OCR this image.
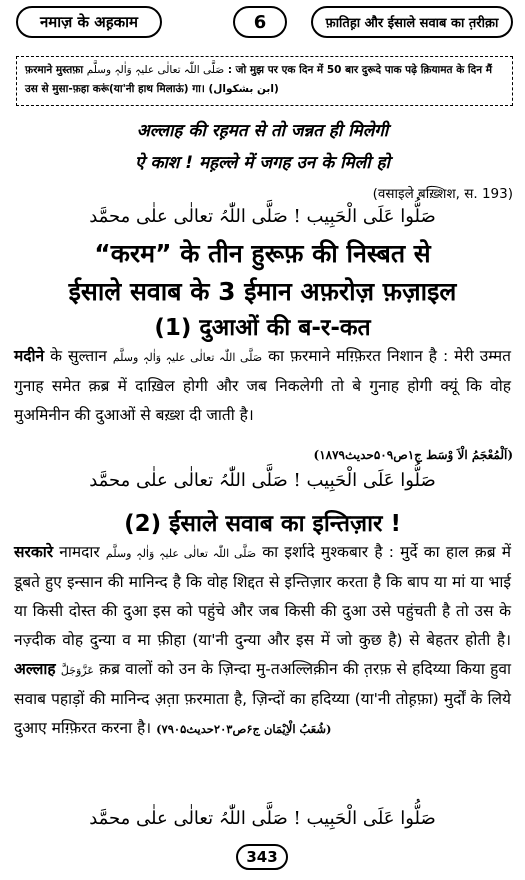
नमाज़ के अह़काम	6	फ़ातिह़ा और ईसाले सवाब का त़रीक़ा
फ़रमाने मुस्तफ़ा صَلَّی اللّٰہ تعالٰی علیہٖ وَاٰلہٖ وسلَّم : जो मुझ पर एक दिन में 50 बार दुरूदे पाक पढ़े क़ियामत के दिन मैं
उस से मुसा-फ़हा करूं(या'नी हाथ मिलाऊं) गा। (ابن بشکوال)
अल्लाह की रह़मत से तो जन्नत ही मिलेगी
ऐ काश ! मह़ल्ले में जगह उन के मिली हो
(वसाइले बख़्शिश, स. 193)
صَلُّوا عَلَی الْحَبِیب ! صَلَّی اللّٰہُ تعالٰی علٰی محمَّد
“करम” के तीन हुरूफ़ की निस्बत से
ईसाले सवाब के 3 ईमान अफ़रोज़ फ़ज़ाइल
(1) दुआओं की ब-र-कत
मदीने के सुल्तान صَلَّی اللّٰہ تعالٰی علیہٖ وَاٰلہٖ وسلَّم का फ़रमाने मग़्फ़िरत निशान है : मेरी उम्मत गुनाह समेत क़ब्र में दाख़िल होगी और जब निकलेगी तो बे गुनाह होगी क्यूं कि वोह मुअमिनीन की दुआओं से बख़्श दी जाती है।
(اَلْمُعْجَمُ الْاَ وْسَط ج۱ص۵۰۹حدیث۱۸۷۹)
صَلُّوا عَلَی الْحَبِیب ! صَلَّی اللّٰہُ تعالٰی علٰی محمَّد
(2) ईसाले सवाब का इन्तिज़ार !
सरकारे नामदार صَلَّی اللّٰہ تعالٰی علیہٖ وَاٰلہٖ وسلَّم का इर्शादे मुश्कबार है : मुर्दे का हाल क़ब्र में डूबते हुए इन्सान की मानिन्द है कि वोह शिद्दत से इन्तिज़ार करता है कि बाप या मां या भाई या किसी दोस्त की दुआ इस को पहुंचे और जब किसी की दुआ उसे पहुंचती है तो उस के नज़्दीक वोह दुन्या व मा फ़ीहा (या'नी दुन्या और इस में जो कुछ है) से बेहतर होती है। अल्लाह عَزَّوَجَلَّ क़ब्र वालों को उन के ज़िन्दा मु-तअल्लिक़ीन की त़रफ़ से हदिय्या किया हुवा सवाब पहाड़ों की मानिन्द अ़त़ा फ़रमाता है, ज़िन्दों का हदिय्या (या'नी तोह़फ़ा) मुर्दों के लिये दुआए मग़्फ़िरत करना है। (شُعَبُ الْاِیْمَان ج۶ص۲۰۳حدیث۷۹۰۵)
صَلُّوا عَلَی الْحَبِیب ! صَلَّی اللّٰہُ تعالٰی علٰی محمَّد
343
